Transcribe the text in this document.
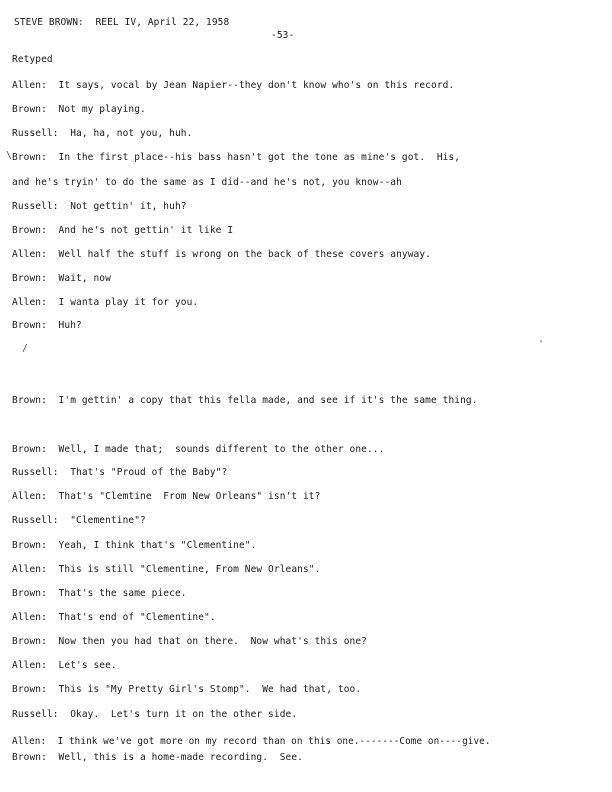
STEVE BROWN:  REEL IV, April 22, 1958
-53-
Retyped
Allen:  It says, vocal by Jean Napier--they don't know who's on this record.
Brown:  Not my playing.
Russell:  Ha, ha, not you, huh.
\ Brown:  In the first place--his bass hasn't got the tone as mine's got.  His,
and he's tryin' to do the same as I did--and he's not, you know--ah
Russell:  Not gettin' it, huh?
Brown:  And he's not gettin' it like I
Allen:  Well half the stuff is wrong on the back of these covers anyway.
Brown:  Wait, now
Allen:  I wanta play it for you.
Brown:  Huh?
/	'
Brown:  I'm gettin' a copy that this fella made, and see if it's the same thing.
Brown:  Well, I made that;  sounds different to the other one...
Russell:  That's "Proud of the Baby"?
Allen:  That's "Clemtine  From New Orleans" isn't it?
Russell:  "Clementine"?
Brown:  Yeah, I think that's "Clementine".
Allen:  This is still "Clementine, From New Orleans".
Brown:  That's the same piece.
Allen:  That's end of "Clementine".
Brown:  Now then you had that on there.  Now what's this one?
Allen:  Let's see.
Brown:  This is "My Pretty Girl's Stomp".  We had that, too.
Russell:  Okay.  Let's turn it on the other side.
Allen:  I think we've got more on my record than on this one.-------Come on----give.
Brown:  Well, this is a home-made recording.  See.
